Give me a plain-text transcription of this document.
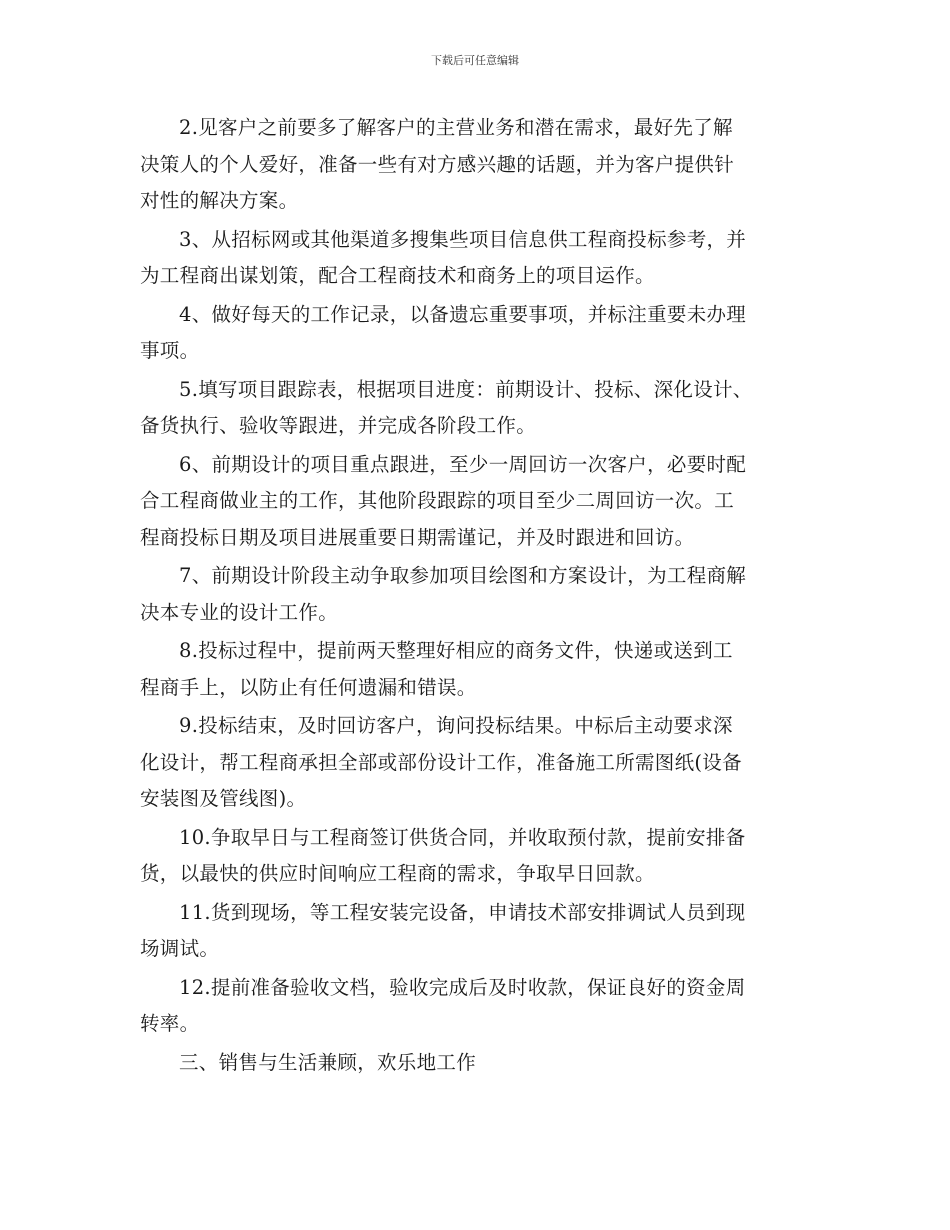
下载后可任意编辑

2.见客户之前要多了解客户的主营业务和潜在需求，最好先了解
决策人的个人爱好，准备一些有对方感兴趣的话题，并为客户提供针
对性的解决方案。

3、从招标网或其他渠道多搜集些项目信息供工程商投标参考，并
为工程商出谋划策，配合工程商技术和商务上的项目运作。

4、做好每天的工作记录，以备遗忘重要事项，并标注重要未办理
事项。

5.填写项目跟踪表，根据项目进度：前期设计、投标、深化设计、
备货执行、验收等跟进，并完成各阶段工作。

6、前期设计的项目重点跟进，至少一周回访一次客户，必要时配
合工程商做业主的工作，其他阶段跟踪的项目至少二周回访一次。工
程商投标日期及项目进展重要日期需谨记，并及时跟进和回访。

7、前期设计阶段主动争取参加项目绘图和方案设计，为工程商解
决本专业的设计工作。

8.投标过程中，提前两天整理好相应的商务文件，快递或送到工
程商手上，以防止有任何遗漏和错误。

9.投标结束，及时回访客户，询问投标结果。中标后主动要求深
化设计，帮工程商承担全部或部份设计工作，准备施工所需图纸(设备
安装图及管线图)。

10.争取早日与工程商签订供货合同，并收取预付款，提前安排备
货，以最快的供应时间响应工程商的需求，争取早日回款。

11.货到现场，等工程安装完设备，申请技术部安排调试人员到现
场调试。

12.提前准备验收文档，验收完成后及时收款，保证良好的资金周
转率。

三、销售与生活兼顾，欢乐地工作
